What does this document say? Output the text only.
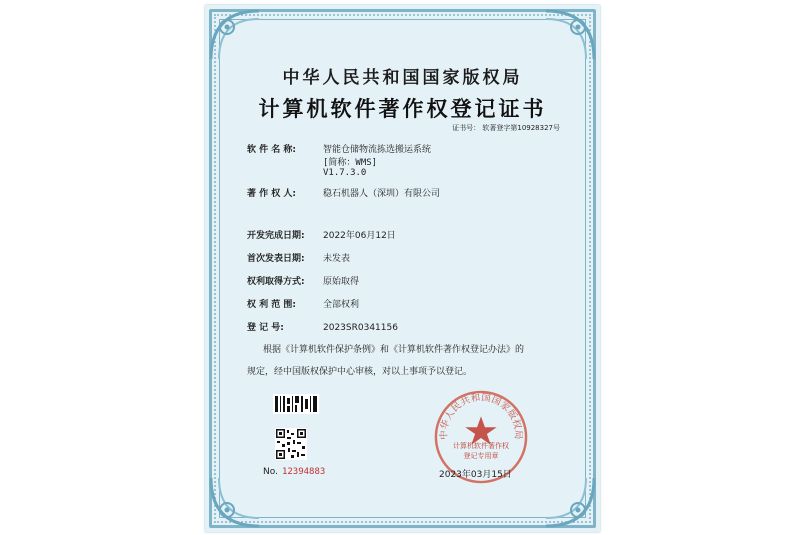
中华人民共和国国家版权局
计算机软件著作权登记证书
证书号： 软著登字第10928327号
软 件 名 称:	智能仓储物流拣选搬运系统
[简称：WMS]
V1.7.3.0
著 作 权 人:	稳石机器人（深圳）有限公司
开发完成日期: 2022年06月12日
首次发表日期: 未发表
权利取得方式: 原始取得
权 利 范 围:	全部权利
登 记 号:	2023SR0341156
根据《计算机软件保护条例》和《计算机软件著作权登记办法》的
规定，经中国版权保护中心审核，对以上事项予以登记。
No. 12394883
中华人民共和国国家版权局
计算机软件著作权
登记专用章
2023年03月15日
